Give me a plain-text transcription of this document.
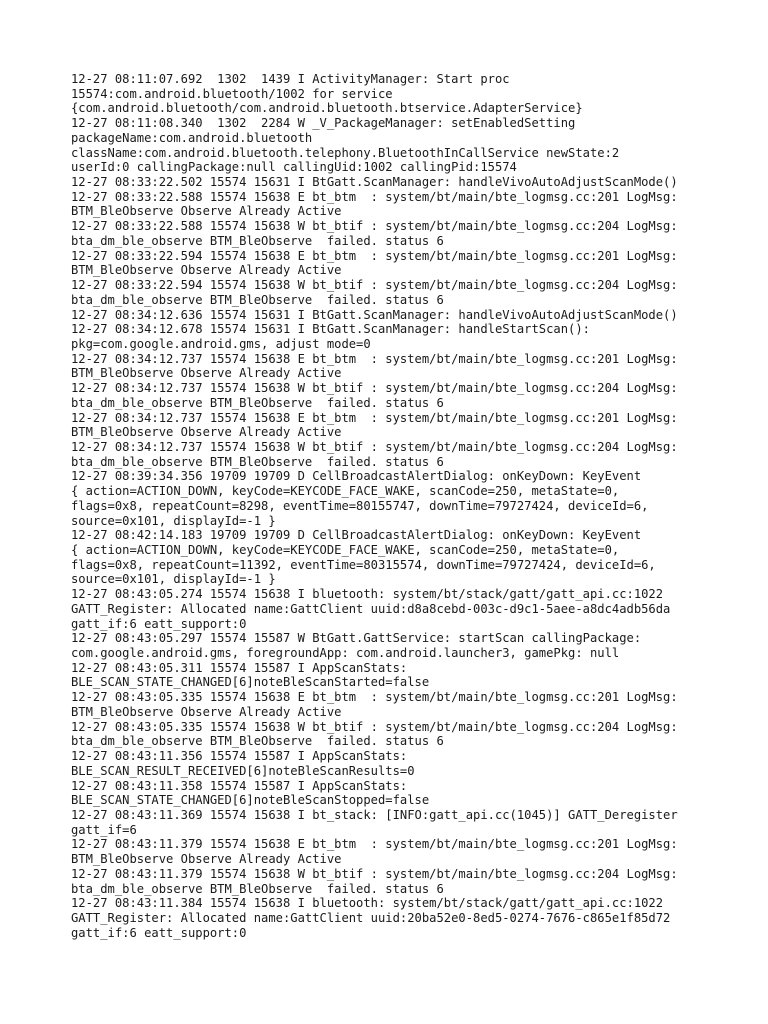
12-27 08:11:07.692  1302  1439 I ActivityManager: Start proc
15574:com.android.bluetooth/1002 for service
{com.android.bluetooth/com.android.bluetooth.btservice.AdapterService}
12-27 08:11:08.340  1302  2284 W _V_PackageManager: setEnabledSetting
packageName:com.android.bluetooth
className:com.android.bluetooth.telephony.BluetoothInCallService newState:2
userId:0 callingPackage:null callingUid:1002 callingPid:15574
12-27 08:33:22.502 15574 15631 I BtGatt.ScanManager: handleVivoAutoAdjustScanMode()
12-27 08:33:22.588 15574 15638 E bt_btm  : system/bt/main/bte_logmsg.cc:201 LogMsg:
BTM_BleObserve Observe Already Active
12-27 08:33:22.588 15574 15638 W bt_btif : system/bt/main/bte_logmsg.cc:204 LogMsg:
bta_dm_ble_observe BTM_BleObserve  failed. status 6
12-27 08:33:22.594 15574 15638 E bt_btm  : system/bt/main/bte_logmsg.cc:201 LogMsg:
BTM_BleObserve Observe Already Active
12-27 08:33:22.594 15574 15638 W bt_btif : system/bt/main/bte_logmsg.cc:204 LogMsg:
bta_dm_ble_observe BTM_BleObserve  failed. status 6
12-27 08:34:12.636 15574 15631 I BtGatt.ScanManager: handleVivoAutoAdjustScanMode()
12-27 08:34:12.678 15574 15631 I BtGatt.ScanManager: handleStartScan():
pkg=com.google.android.gms, adjust mode=0
12-27 08:34:12.737 15574 15638 E bt_btm  : system/bt/main/bte_logmsg.cc:201 LogMsg:
BTM_BleObserve Observe Already Active
12-27 08:34:12.737 15574 15638 W bt_btif : system/bt/main/bte_logmsg.cc:204 LogMsg:
bta_dm_ble_observe BTM_BleObserve  failed. status 6
12-27 08:34:12.737 15574 15638 E bt_btm  : system/bt/main/bte_logmsg.cc:201 LogMsg:
BTM_BleObserve Observe Already Active
12-27 08:34:12.737 15574 15638 W bt_btif : system/bt/main/bte_logmsg.cc:204 LogMsg:
bta_dm_ble_observe BTM_BleObserve  failed. status 6
12-27 08:39:34.356 19709 19709 D CellBroadcastAlertDialog: onKeyDown: KeyEvent
{ action=ACTION_DOWN, keyCode=KEYCODE_FACE_WAKE, scanCode=250, metaState=0,
flags=0x8, repeatCount=8298, eventTime=80155747, downTime=79727424, deviceId=6,
source=0x101, displayId=-1 }
12-27 08:42:14.183 19709 19709 D CellBroadcastAlertDialog: onKeyDown: KeyEvent
{ action=ACTION_DOWN, keyCode=KEYCODE_FACE_WAKE, scanCode=250, metaState=0,
flags=0x8, repeatCount=11392, eventTime=80315574, downTime=79727424, deviceId=6,
source=0x101, displayId=-1 }
12-27 08:43:05.274 15574 15638 I bluetooth: system/bt/stack/gatt/gatt_api.cc:1022
GATT_Register: Allocated name:GattClient uuid:d8a8cebd-003c-d9c1-5aee-a8dc4adb56da
gatt_if:6 eatt_support:0
12-27 08:43:05.297 15574 15587 W BtGatt.GattService: startScan callingPackage:
com.google.android.gms, foregroundApp: com.android.launcher3, gamePkg: null
12-27 08:43:05.311 15574 15587 I AppScanStats:
BLE_SCAN_STATE_CHANGED[6]noteBleScanStarted=false
12-27 08:43:05.335 15574 15638 E bt_btm  : system/bt/main/bte_logmsg.cc:201 LogMsg:
BTM_BleObserve Observe Already Active
12-27 08:43:05.335 15574 15638 W bt_btif : system/bt/main/bte_logmsg.cc:204 LogMsg:
bta_dm_ble_observe BTM_BleObserve  failed. status 6
12-27 08:43:11.356 15574 15587 I AppScanStats:
BLE_SCAN_RESULT_RECEIVED[6]noteBleScanResults=0
12-27 08:43:11.358 15574 15587 I AppScanStats:
BLE_SCAN_STATE_CHANGED[6]noteBleScanStopped=false
12-27 08:43:11.369 15574 15638 I bt_stack: [INFO:gatt_api.cc(1045)] GATT_Deregister
gatt_if=6
12-27 08:43:11.379 15574 15638 E bt_btm  : system/bt/main/bte_logmsg.cc:201 LogMsg:
BTM_BleObserve Observe Already Active
12-27 08:43:11.379 15574 15638 W bt_btif : system/bt/main/bte_logmsg.cc:204 LogMsg:
bta_dm_ble_observe BTM_BleObserve  failed. status 6
12-27 08:43:11.384 15574 15638 I bluetooth: system/bt/stack/gatt/gatt_api.cc:1022
GATT_Register: Allocated name:GattClient uuid:20ba52e0-8ed5-0274-7676-c865e1f85d72
gatt_if:6 eatt_support:0
